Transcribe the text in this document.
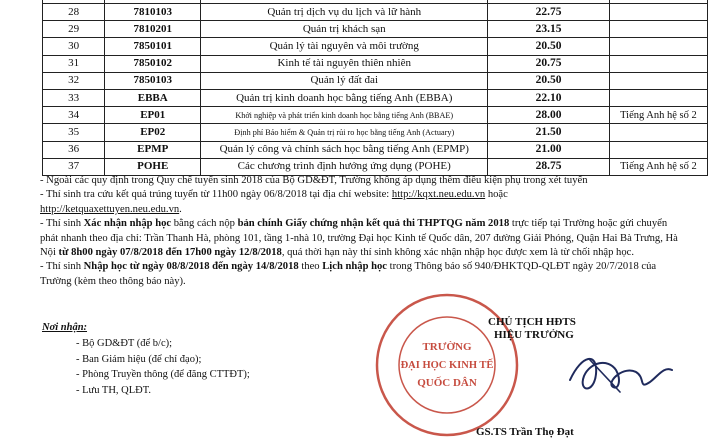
28	7810103	Quản trị dịch vụ du lịch và lữ hành	22.75	
29	7810201	Quản trị khách sạn	23.15	
30	7850101	Quản lý tài nguyên và môi trường	20.50	
31	7850102	Kinh tế tài nguyên thiên nhiên	20.75	
32	7850103	Quản lý đất đai	20.50	
33	EBBA	Quản trị kinh doanh học bằng tiếng Anh (EBBA)	22.10	
34	EP01	Khởi nghiệp và phát triển kinh doanh học bằng tiếng Anh (BBAE)	28.00	Tiếng Anh hệ số 2
35	EP02	Định phí Bảo hiểm & Quản trị rủi ro học bằng tiếng Anh (Actuary)	21.50	
36	EPMP	Quản lý công và chính sách học bằng tiếng Anh (EPMP)	21.00	
37	POHE	Các chương trình định hướng ứng dụng (POHE)	28.75	Tiếng Anh hệ số 2

- Ngoài các quy định trong Quy chế tuyển sinh 2018 của Bộ GD&ĐT, Trường không áp dụng thêm điều kiện phụ trong xét tuyển

- Thí sinh tra cứu kết quả trúng tuyển từ 11h00 ngày 06/8/2018 tại địa chỉ website: http://kqxt.neu.edu.vn hoặc

http://ketquaxettuyen.neu.edu.vn.

- Thí sinh Xác nhận nhập học bằng cách nộp bản chính Giấy chứng nhận kết quả thi THPTQG năm 2018 trực tiếp tại Trường hoặc gửi chuyển phát nhanh theo địa chỉ: Trần Thanh Hà, phòng 101, tầng 1-nhà 10, trường Đại học Kinh tế Quốc dân, 207 đường Giải Phóng, Quận Hai Bà Trưng, Hà Nội từ 8h00 ngày 07/8/2018 đến 17h00 ngày 12/8/2018, quá thời hạn này thí sinh không xác nhận nhập học được xem là từ chối nhập học.

- Thí sinh Nhập học từ ngày 08/8/2018 đến ngày 14/8/2018 theo Lịch nhập học trong Thông báo số 940/ĐHKTQD-QLĐT ngày 20/7/2018 của Trường (kèm theo thông báo này).

Nơi nhận:
- Bộ GD&ĐT (để b/c);
- Ban Giám hiệu (để chỉ đạo);
- Phòng Truyền thông (để đăng CTTĐT);
- Lưu TH, QLĐT.
TRƯỜNG
ĐẠI HỌC KINH TẾ
QUỐC DÂN
CHỦ TỊCH HĐTS
HIỆU TRƯỞNG
GS.TS Trần Thọ Đạt
